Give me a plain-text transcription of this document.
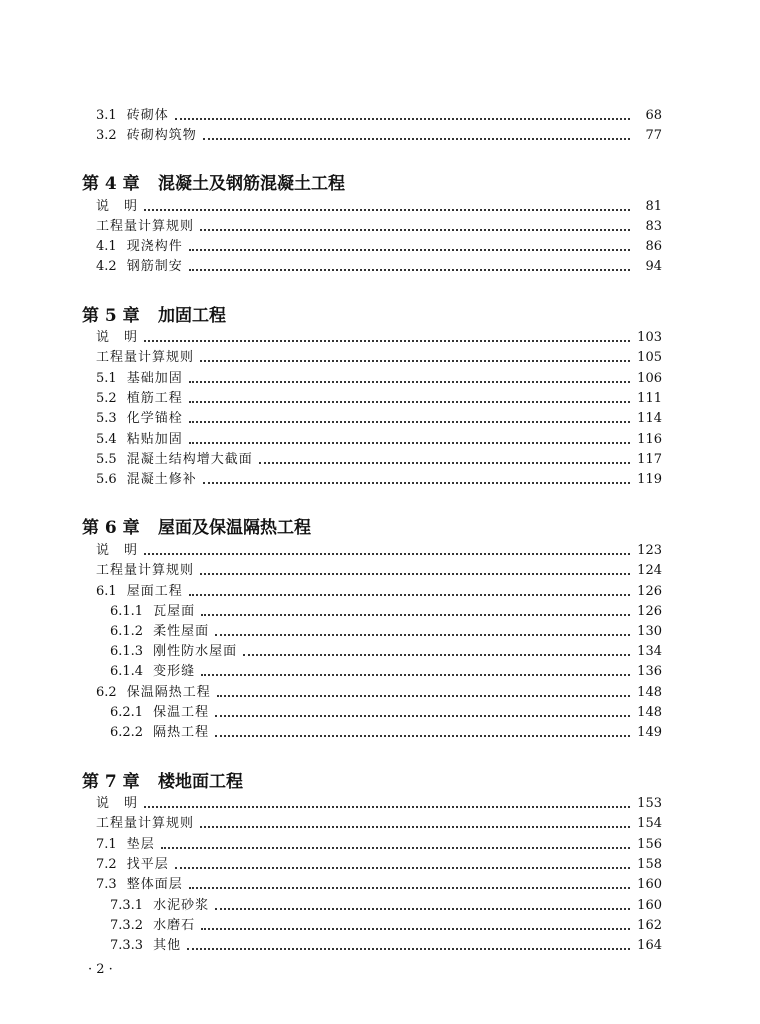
3.1 砖砌体	68
3.2 砖砌构筑物	77
第 4 章 混凝土及钢筋混凝土工程
说　明	81
工程量计算规则	83
4.1 现浇构件	86
4.2 钢筋制安	94
第 5 章 加固工程
说　明	103
工程量计算规则	105
5.1 基础加固	106
5.2 植筋工程	111
5.3 化学锚栓	114
5.4 粘贴加固	116
5.5 混凝土结构增大截面	117
5.6 混凝土修补	119
第 6 章 屋面及保温隔热工程
说　明	123
工程量计算规则	124
6.1 屋面工程	126
6.1.1 瓦屋面	126
6.1.2 柔性屋面	130
6.1.3 刚性防水屋面	134
6.1.4 变形缝	136
6.2 保温隔热工程	148
6.2.1 保温工程	148
6.2.2 隔热工程	149
第 7 章 楼地面工程
说　明	153
工程量计算规则	154
7.1 垫层	156
7.2 找平层	158
7.3 整体面层	160
7.3.1 水泥砂浆	160
7.3.2 水磨石	162
7.3.3 其他	164
· 2 ·
